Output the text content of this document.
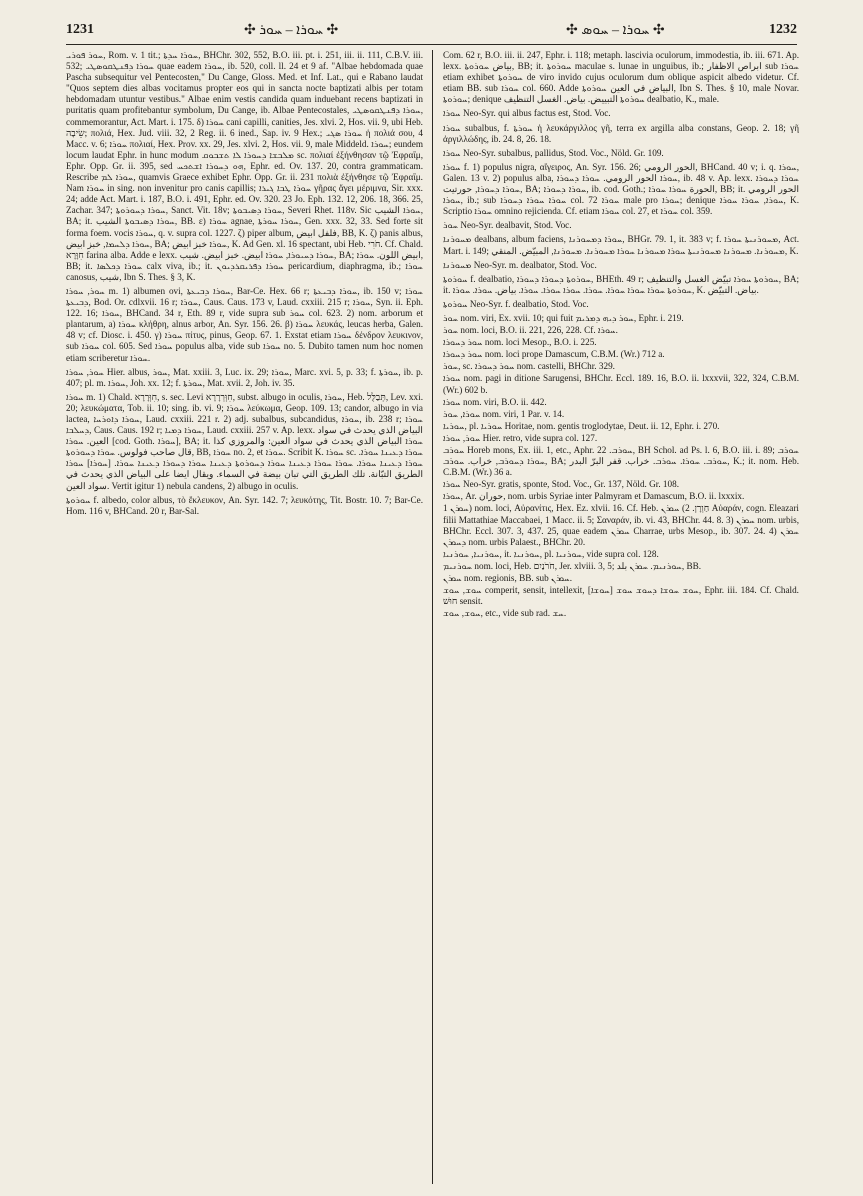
1231	✣ ܚܘܪܐ – ܚܘܪ ✣	✣ ܚܘܪܐ – ܚܘܣ ✣	1232

ܚܘܪ ܦܘܪܝ, Rom. v. 1 tit.; ܚܘܪܐ ܚܕܬܐ, BHChr. 302, 552, B.O. iii. pt. i. 251, iii. ii. 111, C.B.V. iii. 532; ܚܘܪܐ ܕܦܢܛܩܘܣܛܝ quae eadem ܚܘܪܐ, ib. 520, coll. ll. 24 et 9 af. "Albae hebdomada quae Pascha subsequitur vel Pentecosten," Du Cange, Gloss. Med. et Inf. Lat., qui e Rabano laudat "Quos septem dies albas vocitamus propter eos qui in sancta nocte baptizati albis per totam hebdomadam utuntur vestibus." Albae enim vestis candida quam induebant recens baptizati in puritatis quam profitebantur symbolum, Du Cange, ib. Albae Pentecostales, ܚܘܪܐ ܕܦܢܛܩܘܣܛܝ, commemorantur, Act. Mart. i. 175. δ) ܚܘܪܐ cani capilli, canities, Jes. xlvi. 2, Hos. vii. 9, ubi Heb. שֵׂיבָה; πολιά, Hex. Jud. viii. 32, 2 Reg. ii. 6 ined., Sap. iv. 9 Hex.; ܚܘܪܐ ܣܓܝ ἡ πολιά σου, 4 Macc. v. 6; ܚܘܪܐ πολιαί, Hex. Prov. xx. 29, Jes. xlvi. 2, Hos. vii. 9, male Middeld. ܚܘܪܐ; eundem locum laudat Ephr. in hunc modum ܡܠܒܫܐ ܕܚܘܪܐ ܠܐ ܬܫܒܘܩ sc. πολιαί ἐξήνθησαν τῷ Ἐφραΐμ, Ephr. Opp. Gr. ii. 395, sed ܗܘ ܕܚܘܪܐ ܐܫܬܟܚ, Ephr. ed. Ov. 137. 20, contra grammaticam. Rescribe ܚܘܪܐ ܠܡ, quamvis Graece exhibet Ephr. Opp. Gr. ii. 231 πολιὰ ἐξήνθησε τῷ Ἐφραΐμ. Nam ܚܘܪܐ in sing. non invenitur pro canis capillis; ܚܘܪܐ ܛܒܐ ܓܝܪܐ γῆρας ἄγει μέριμνα, Sir. xxx. 24; adde Act. Mart. i. 187, B.O. i. 491, Ephr. ed. Ov. 320. 23 Jo. Eph. 132. 12, 206. 18, 366. 25, Zachar. 347; ܚܘܪܐ ܕܚܘܪܘܬܐ, Sanct. Vit. 18v; ܚܘܪܐ ܕܣܝܒܘܬܐ, Severi Rhet. 118v. Sic ܚܘܪܐ الشيب, BA; it. ܚܘܪܐ ܕܣܝܒܘܬܐ الشيب, BB. ε) ܚܘܪܐ agnae, ܚܘܪܐ ܚܘܪܬܐ, Gen. xxx. 32, 33. Sed forte sit forma foem. vocis ܚܘܪܐ, q. v. supra col. 1227. ζ) piper album, فلفل ابيض, BB, K. ζ) panis albus, ܚܘܪܐ ܕܠܚܡܐ, خبز ابيض, BA; ܚܘܪܐ خبز ابيض, K. Ad Gen. xl. 16 spectant, ubi Heb. חֹרִי. Cf. Chald. חִוָּרָא farina alba. Adde e lexx. ܚܘܪܐ ܕܚܝܘܪܐ, ܚܘܪܐ ابيض. خبز ابيض. شيب, BA; ابيض اللون. ܚܘܪܐ, BB; it. ܚܘܪܐ ܕܟܠܣܐ calx viva, ib.; it. ܚܘܪܐ ܕܦܪܝܩܪܕܝܘܢ pericardium, diaphragma, ib.; ܚܘܪܐ canosus, شيب, Ibn S. Thes. § 3, K.

ܚܘܪ, ܚܘܪܐ m. 1) albumen ovi, ܚܘܪܐ ܕܒܝܥܬܐ, Bar-Ce. Hex. 66 r; ܚܘܪܐ ܕܒܝܥܬܐ, ib. 150 v; ܚܘܪܐ ܕܒܝܥܬܐ, Bod. Or. cdlxvii. 16 r; ܚܘܪܐ, Caus. Caus. 173 v, Laud. cxxiii. 215 r; ܚܘܪܐ, Syn. ii. Eph. 122. 16; ܚܘܪܐ, BHCand. 34 r, Eth. 89 r, vide supra sub ܚܘܪ col. 623. 2) nom. arborum et plantarum, a) ܚܘܪܐ κλήθρη, alnus arbor, An. Syr. 156. 26. β) ܚܘܪܐ λευκάς, leucas herba, Galen. 48 v; cf. Diosc. i. 450. γ) ܚܘܪܐ πίτυς, pinus, Geop. 67. 1. Exstat etiam ܚܘܪܐ δένδρον λευκινον, sub ܚܘܪܐ col. 605. Sed ܚܘܪܐ populus alba, vide sub ܚܘܪܐ no. 5. Dubito tamen num hoc nomen etiam scriberetur ܚܘܪܐ.

ܚܘܪ, ܚܘܪܐ Hier. albus, ܚܘܪ, Mat. xxiii. 3, Luc. ix. 29; ܚܘܪܐ, Marc. xvi. 5, p. 33; f. ܚܘܪܬܐ, ib. p. 407; pl. m. ܚܘܪܐ, Joh. xx. 12; f. ܚܘܪܬܐ, Mat. xvii. 2, Joh. iv. 35.

ܚܘܪܐ m. 1) Chald. חִוְּרָרָא, s. sec. Levi חִוְּרְרָרָא, subst. albugo in oculis, ܚܘܪܐ, Heb. תְּבַלֻּל, Lev. xxi. 20; λευκώματα, Tob. ii. 10; sing. ib. vi. 9; ܚܘܪܐ λεύκωμα, Geop. 109. 13; candor, albugo in via lactea, ܚܘܪܐ ܕܐܘܪܚܐ, Laud. cxxiii. 221 r. 2) adj. subalbus, subcandidus, ܚܘܪܐ, ib. 238 r; ܚܘܪܐ ܕܚܠܒܐ, Caus. Caus. 192 r; ܚܘܪܐ ܕܡܝܐ, Laud. cxxiii. 257 v. Ap. lexx. البياض الذي يحدث في سواد العين. ܚܘܪܐ [cod. Goth. ܚܘܪܐ], BA; it. ܚܘܪܐ البياض الذي يحدث في سواد العين: والمروزي كذا قال صاحب فولوس. ܚܘܪܐ ܕܚܘܪܘܬܐ, BB, ܚܘܪܐ no. 2, et ܚܘܪܐ. Scribit K. ܚܘܪܐ sc. ܚܘܪܐ ܕܥܝܢܐ ܚܘܪܐ. ܚܘܪܐ ܕܥܝܢܐ ܚܘܪܐ. ܚܘܪܐ ܚܘܪܐ ܕܥܝܢܐ ܚܘܪܐ ܕܚܘܪܘܬܐ ܕܥܝܢܐ ܚܘܪܐ ܕܚܘܪܐ ܕܥܝܢܐ ܚܘܪܐ. [ܚܘܪܐ] ܚܘܪܐ الطريق التبّانة. تلك الطريق التي تبان بيضة في السماء. ويقال ايضا على البياض الذي يحدث في سواد العين. Vertit igitur 1) nebula candens, 2) albugo in oculis.

ܚܘܪܘܬܐ f. albedo, color albus, τὸ ἔκλευκον, An. Syr. 142. 7; λευκότης, Tit. Bostr. 10. 7; Bar-Ce. Hom. 116 v, BHCand. 20 r, Bar-Sal.

Com. 62 r, B.O. iii. ii. 247, Ephr. i. 118; metaph. lascivia oculorum, immodestia, ib. iii. 671. Ap. lexx. بياض ܚܘܪܘܬܐ, BB; it. ܚܘܪܘܬܐ maculae s. lunae in unguibus, ib.; ابراص الاظفار sub ܚܘܪܐ etiam exhibet ܚܘܪܘܬܐ de viro invido cujus oculorum dum oblique aspicit albedo videtur. Cf. etiam BB. sub ܚܘܪܐ col. 660. Adde البياض في العين ܚܘܪܘܬܐ, Ibn S. Thes. § 10, male Novar. ܚܘܪܘܬܐ; denique ܚܘܪܘܬܐ التبييض. بياض. الغسل التنظيف dealbatio, K., male.

ܚܘܪܐ Neo-Syr. qui albus factus est, Stod. Voc.

ܚܘܪܐ subalbus, f. ܚܘܪܬܐ ἡ λευκάργιλλος γῆ, terra ex argilla alba constans, Geop. 2. 18; γῆ ἀργιλλώδης, ib. 24. 8, 26. 18.

ܚܘܪܐ Neo-Syr. subalbus, pallidus, Stod. Voc., Nöld. Gr. 109.

ܚܘܪܐ f. 1) populus nigra, αἴγειρος, An. Syr. 156. 26; الحور الرومي, BHCand. 40 v; i. q. ܚܘܪܐ, Galen. 13 v. 2) populus alba, ܚܘܪܐ الحور الرومي. ܚܘܪܐ ܕܚܘܪܐ, ib. 48 v. Ap. lexx. ܚܘܪܐ ܕܚܘܪܐ ܚܘܪܐ ܕܚܘܪܐ, حورتيت, BA; ܚܘܪܐ ܕܚܘܪܐ, ib. cod. Goth.; الحورة ܚܘܪܐ ܚܘܪܐ, BB; it. الحور الرومي ܚܘܪܐ, ib.; sub ܚܘܪܐ ܚܘܪܐ ܕܚܘܪܐ col. 72 ܚܘܪܐ male pro ܚܘܪܐ; denique ܚܘܪܐ, ܚܘܪܐ ܚܘܪܐ, K. Scriptio ܚܘܪܐ omnino rejicienda. Cf. etiam ܚܘܪܐ col. 27, et ܚܘܪܐ col. 359.

ܚܘܪ Neo-Syr. dealbavit, Stod. Voc.

ܡܚܘܪܢܐ dealbans, album faciens, ܚܘܪܐ ܕܡܚܘܪܢܐ, BHGr. 79. 1, it. 383 v; f. ܡܚܘܪܢܝܬܐ ܚܘܪܐ, Act. Mart. i. 149; ܡܚܘܪܢܐ. ܡܚܘܪܢܐ ܡܚܘܪܢܝܬܐ ܚܘܪܐ ܡܚܘܪܢܐ ܚܘܪܐ ܡܚܘܪܢܐ. ܡܚܘܪܢܐ, المبيّض. المنقي, K.

ܡܚܘܪܢܐ Neo-Syr. m. dealbator, Stod. Voc.

ܚܘܪܘܬܐ f. dealbatio, ܚܘܪܘܬܐ ܕܚܘܪܐ ܕܚܘܪܐ, BHEth. 49 r; ܚܘܪܘܬܐ ܚܘܪܐ تبيّض الغسل والتنظيف, BA; it. ܚܘܪܘܬܐ ܚܘܪܐ ܚܘܪܐ ܚܘܪܐ. ܚܘܪܐ. ܚܘܪܐ ܚܘܪܐ. ܚܘܪܐ. بياض. ܚܘܪܐ. ܚܘܪܐ, K. بياض. التبيّض.

ܚܘܪܘܬܐ Neo-Syr. f. dealbatio, Stod. Voc.

ܚܘܪ nom. viri, Ex. xvii. 10; qui fuit ܚܘܪ ܕܝܗ ܕܡܪܝܡ, Ephr. i. 219.

ܚܘܪ nom. loci, B.O. ii. 221, 226, 228. Cf. ܚܘܪܐ.

ܚܘܪ ܕܚܘܪܐ nom. loci Mesop., B.O. i. 225.

ܚܘܪ ܕܚܘܪܐ nom. loci prope Damascum, C.B.M. (Wr.) 712 a.

ܚܘܪ, sc. ܚܘܪ ܕܚܘܪܐ nom. castelli, BHChr. 329.

ܚܘܪܐ nom. pagi in ditione Sarugensi, BHChr. Eccl. 189. 16, B.O. ii. lxxxvii, 322, 324, C.B.M. (Wr.) 602 b.

ܚܘܪܐ nom. viri, B.O. ii. 442.

ܚܘܪܐ, ܚܘܪ nom. viri, 1 Par. v. 14.

ܚܘܪܝܐ, pl. ܚܘܪܝܐ Horitae, nom. gentis troglodytae, Deut. ii. 12, Ephr. i. 270.

ܚܘܪ, ܚܘܪܐ Hier. retro, vide supra col. 127.

ܚܘܪܒ Horeb mons, Ex. iii. 1, etc., Aphr. ܚܘܪܒ. 22, BH Schol. ad Ps. l. 6, B.O. iii. i. 89; ܚܘܪܒ ܚܘܪܐ ܕܚܘܪܒ, خراب. ܚܘܪܒ, BA; ܚܘܪܒ. ܚܘܪܐ. ܚܘܪܒ. خراب. قفر البرّ البدر, K.; it. nom. Heb. C.B.M. (Wr.) 36 a.

ܚܘܪܐ Neo-Syr. gratis, sponte, Stod. Voc., Gr. 137, Nöld. Gr. 108.

ܚܘܪܐ, Ar. حوران, nom. urbis Syriae inter Palmyram et Damascum, B.O. ii. lxxxix.

ܚܘܪܢ 1) nom. loci, Αὐρανίτις, Hex. Ez. xlvii. 16. Cf. Heb. חַוְרָן. 2) ܚܘܪܢ Αὐαράν, cogn. Eleazari filii Mattathiae Maccabaei, 1 Macc. ii. 5; Σαναράν, ib. vi. 43, BHChr. 44. 8. 3) ܚܘܪܢ nom. urbis, BHChr. Eccl. 307. 3, 437. 25, quae eadem ܚܘܪܢ Charrae, urbs Mesop., ib. 307. 24. 4) ܚܘܪܢ ܕܚܘܪܢ nom. urbis Palaest., BHChr. 20.

ܚܘܪܢܝܐ, ܚܘܪܢܝܐ, it. ܚܘܪܢܝܐ, pl. ܚܘܪܢܝܐ, vide supra col. 128.

ܚܘܪܢܝܡ nom. loci, Heb. חֹרֹנַיִם, Jer. xlviii. 3, 5; ܚܘܪܢܝܡ. ܚܘܪܢ بلد, BB.

ܚܘܪܢ nom. regionis, BB. sub ܚܘܪܢ.

ܚܘܫ, ܚܘܫ comperit, sensit, intellexit, ܚܘܫ ܚܘܫܐ ܕܚܘܫ ܚܘܫ [ܚܘܫܐ], Ephr. iii. 184. Cf. Chald. חוּשׁ sensit.

ܚܘܫ, ܚܘܫ, etc., vide sub rad. ܚܫ.
